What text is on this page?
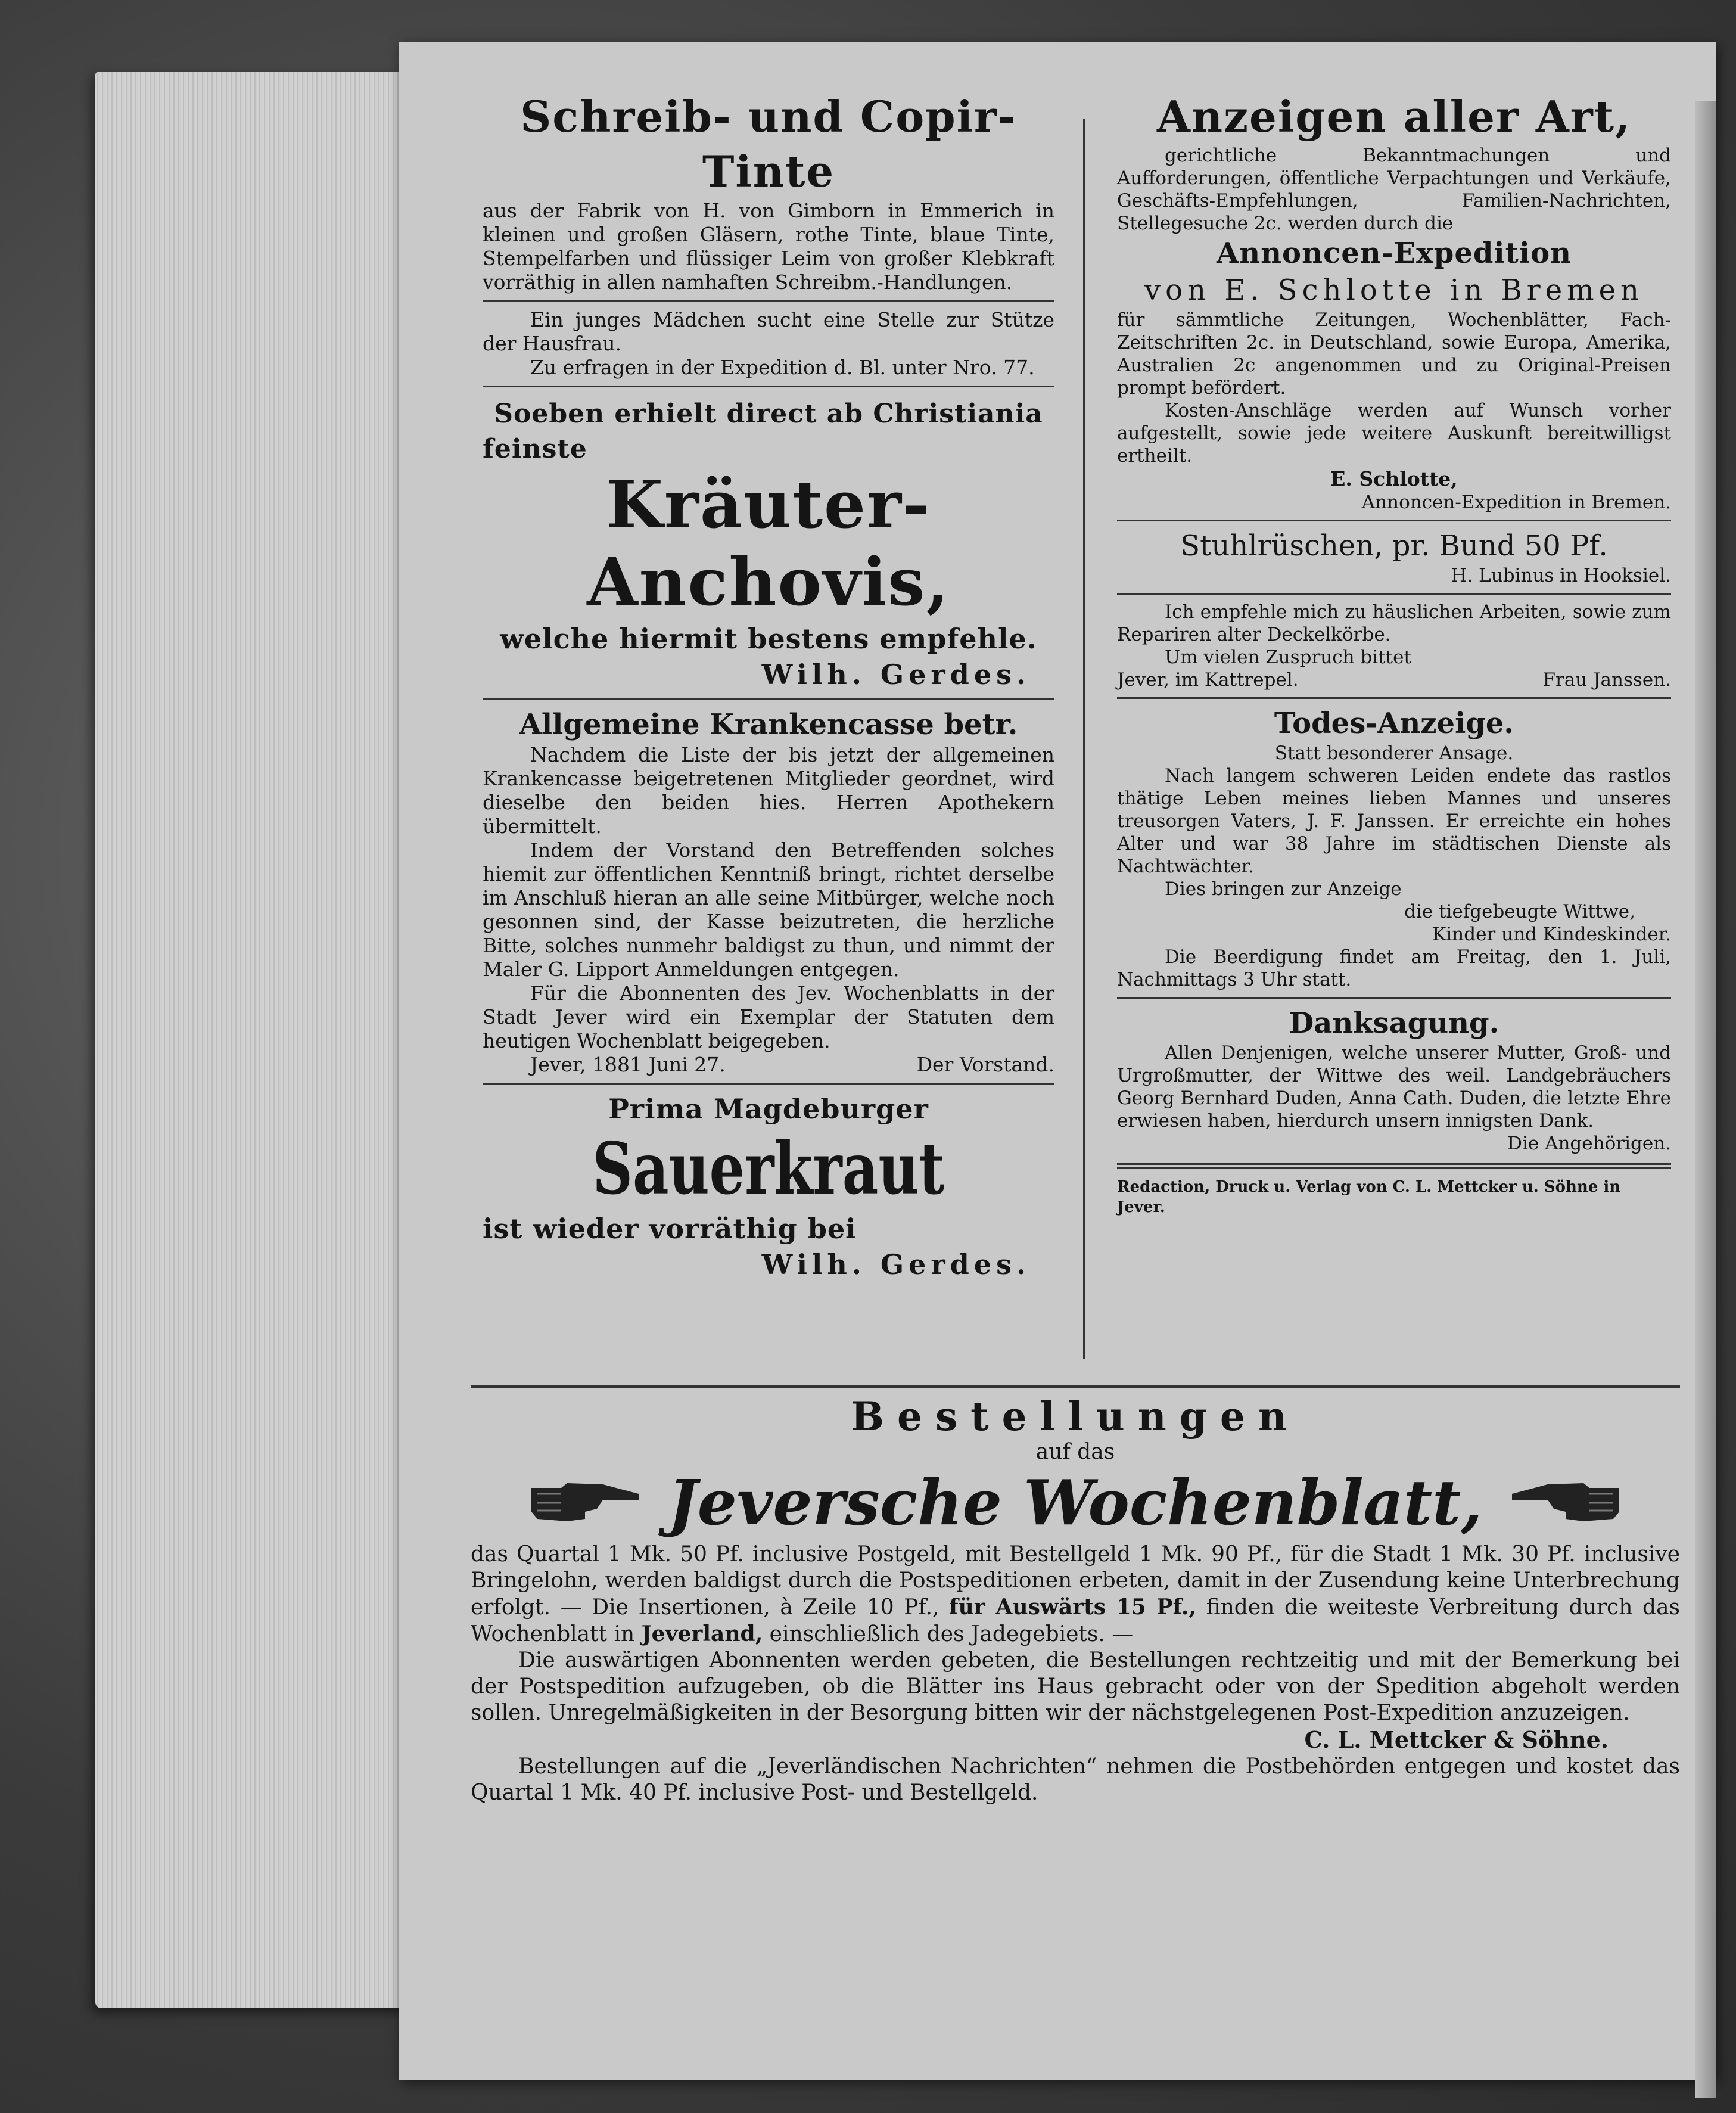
Schreib- und Copir-Tinte

aus der Fabrik von H. von Gimborn in Emmerich in kleinen und großen Gläsern, rothe Tinte, blaue Tinte, Stempelfarben und flüssiger Leim von großer Klebkraft vorräthig in allen namhaften Schreibm.-Handlungen.

Ein junges Mädchen sucht eine Stelle zur Stütze der Hausfrau.

Zu erfragen in der Expedition d. Bl. unter Nro. 77.

Soeben erhielt direct ab Christiania
feinste
Kräuter-Anchovis,
welche hiermit bestens empfehle.
Wilh. Gerdes.
Allgemeine Krankencasse betr.

Nachdem die Liste der bis jetzt der allgemeinen Krankencasse beigetretenen Mitglieder geordnet, wird dieselbe den beiden hies. Herren Apothekern übermittelt.

Indem der Vorstand den Betreffenden solches hiemit zur öffentlichen Kenntniß bringt, richtet derselbe im Anschluß hieran an alle seine Mitbürger, welche noch gesonnen sind, der Kasse beizutreten, die herzliche Bitte, solches nunmehr baldigst zu thun, und nimmt der Maler G. Lipport Anmeldungen entgegen.

Für die Abonnenten des Jev. Wochenblatts in der Stadt Jever wird ein Exemplar der Statuten dem heutigen Wochenblatt beigegeben.

Jever, 1881 Juni 27.	Der Vorstand.
Prima Magdeburger
Sauerkraut
ist wieder vorräthig bei
Wilh. Gerdes.
Anzeigen aller Art,

gerichtliche Bekanntmachungen und Aufforderungen, öffentliche Verpachtungen und Verkäufe, Geschäfts-Empfehlungen, Familien-Nachrichten, Stellegesuche 2c. werden durch die

Annoncen-Expedition
von E. Schlotte in Bremen

für sämmtliche Zeitungen, Wochenblätter, Fach-Zeitschriften 2c. in Deutschland, sowie Europa, Amerika, Australien 2c angenommen und zu Original-Preisen prompt befördert.

Kosten-Anschläge werden auf Wunsch vorher aufgestellt, sowie jede weitere Auskunft bereitwilligst ertheilt.

E. Schlotte,
Annoncen-Expedition in Bremen.
Stuhlrüschen, pr. Bund 50 Pf.
H. Lubinus in Hooksiel.

Ich empfehle mich zu häuslichen Arbeiten, sowie zum Repariren alter Deckelkörbe.

Um vielen Zuspruch bittet

Jever, im Kattrepel.	Frau Janssen.
Todes-Anzeige.
Statt besonderer Ansage.

Nach langem schweren Leiden endete das rastlos thätige Leben meines lieben Mannes und unseres treusorgen Vaters, J. F. Janssen. Er erreichte ein hohes Alter und war 38 Jahre im städtischen Dienste als Nachtwächter.

Dies bringen zur Anzeige

die tiefgebeugte Wittwe,
Kinder und Kindeskinder.

Die Beerdigung findet am Freitag, den 1. Juli, Nachmittags 3 Uhr statt.

Danksagung.

Allen Denjenigen, welche unserer Mutter, Groß- und Urgroßmutter, der Wittwe des weil. Landgebräuchers Georg Bernhard Duden, Anna Cath. Duden, die letzte Ehre erwiesen haben, hierdurch unsern innigsten Dank.

Die Angehörigen.
Redaction, Druck u. Verlag von C. L. Mettcker u. Söhne in Jever.
Bestellungen
auf das
Jeversche Wochenblatt,

das Quartal 1 Mk. 50 Pf. inclusive Postgeld, mit Bestellgeld 1 Mk. 90 Pf., für die Stadt 1 Mk. 30 Pf. inclusive Bringelohn, werden baldigst durch die Postspeditionen erbeten, damit in der Zusendung keine Unterbrechung erfolgt. — Die Insertionen, à Zeile 10 Pf., für Auswärts 15 Pf., finden die weiteste Verbreitung durch das Wochenblatt in Jeverland, einschließlich des Jadegebiets. —

Die auswärtigen Abonnenten werden gebeten, die Bestellungen rechtzeitig und mit der Bemerkung bei der Postspedition aufzugeben, ob die Blätter ins Haus gebracht oder von der Spedition abgeholt werden sollen. Unregelmäßigkeiten in der Besorgung bitten wir der nächstgelegenen Post-Expedition anzuzeigen.

C. L. Mettcker & Söhne.

Bestellungen auf die „Jeverländischen Nachrichten“ nehmen die Postbehörden entgegen und kostet das Quartal 1 Mk. 40 Pf. inclusive Post- und Bestellgeld.
